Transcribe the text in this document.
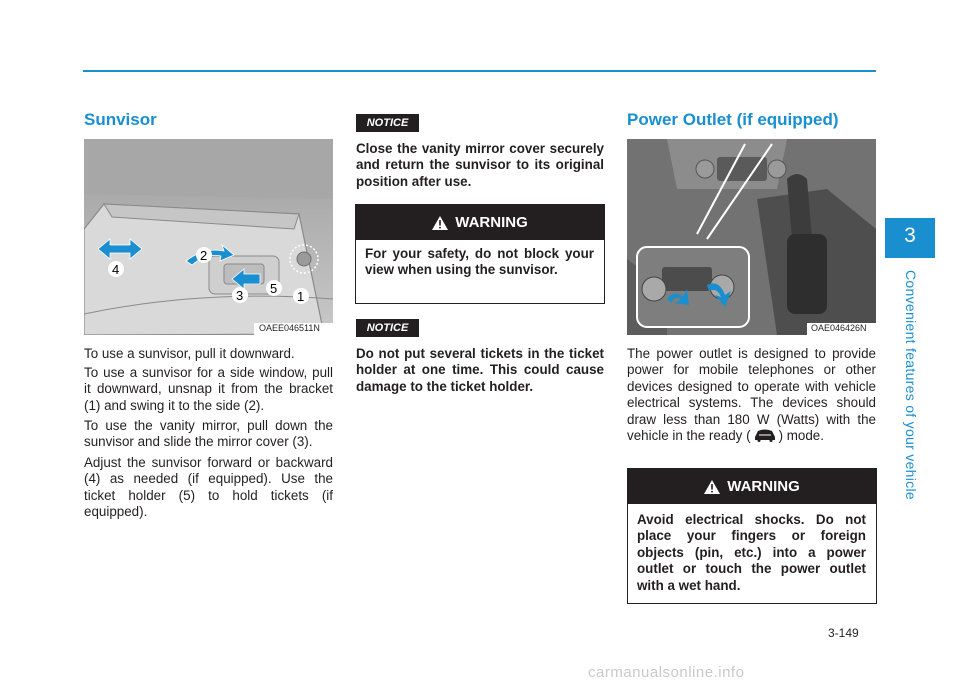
3
Convenient features of your vehicle
Sunvisor
4
2
3 5
1
OAEE046511N

To use a sunvisor, pull it downward.

To use a sunvisor for a side window, pull it downward, unsnap it from the bracket (1) and swing it to the side (2).

To use the vanity mirror, pull down the sunvisor and slide the mirror cover (3).

Adjust the sunvisor forward or backward (4) as needed (if equipped). Use the ticket holder (5) to hold tickets (if equipped).

NOTICE

Close the vanity mirror cover securely and return the sunvisor to its original position after use.

WARNING
For your safety, do not block your view when using the sunvisor.
NOTICE

Do not put several tickets in the ticket holder at one time. This could cause damage to the ticket holder.

Power Outlet (if equipped)
OAE046426N

The power outlet is designed to provide power for mobile telephones or other devices designed to operate with vehicle electrical systems. The devices should draw less than 180 W (Watts) with the vehicle in the ready ( ) mode.

WARNING
Avoid electrical shocks. Do not place your fingers or foreign objects (pin, etc.) into a power outlet or touch the power outlet with a wet hand.
3-149
carmanualsonline.info
